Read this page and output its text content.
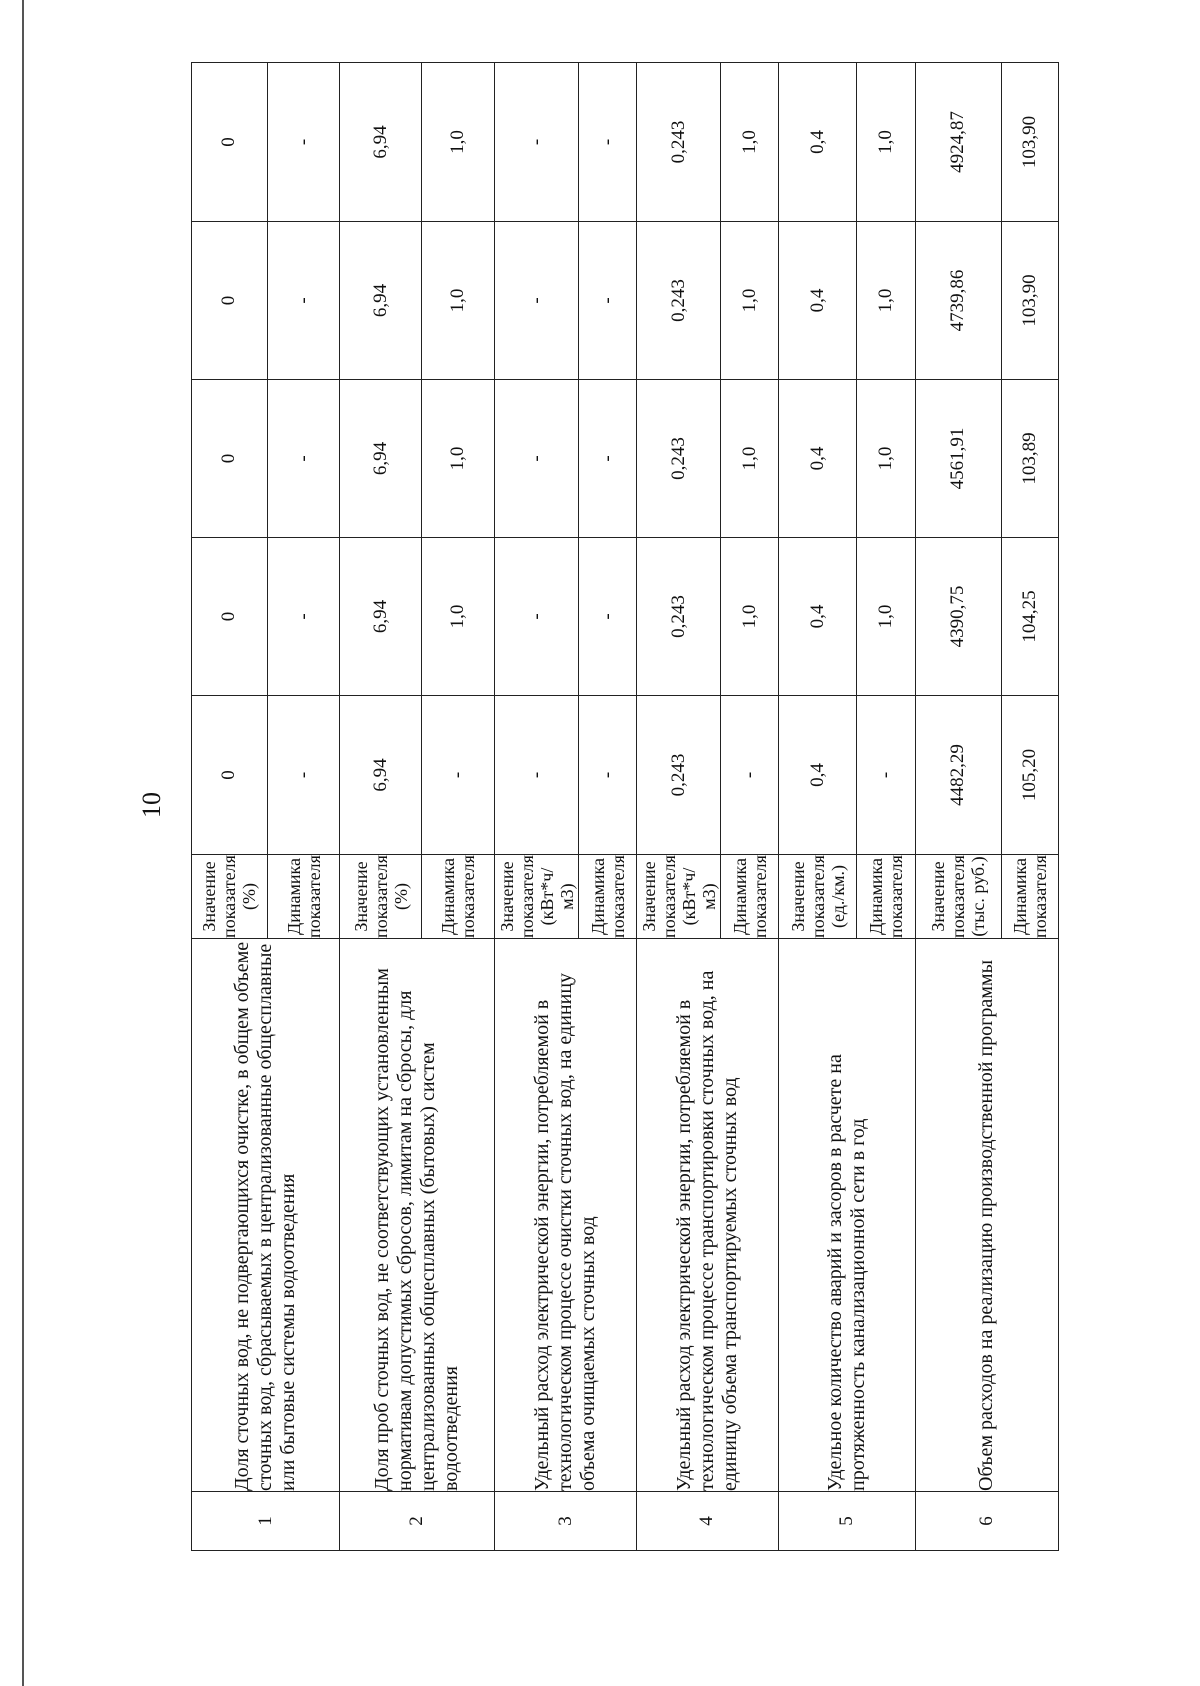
10
1	Доля сточных вод, не подвергающихся очистке, в общем объеме сточных вод, сбрасываемых в централизованные общесплавные или бытовые системы водоотведения	Значение показателя (%)	0	0	0	0	0
		Динамика показателя	-	-	-	-	-
2	Доля проб сточных вод, не соответствующих установленным нормативам допустимых сбросов, лимитам на сбросы, для централизованных общесплавных (бытовых) систем водоотведения	Значение показателя (%)	6,94	6,94	6,94	6,94	6,94
		Динамика показателя	-	1,0	1,0	1,0	1,0
3	Удельный расход электрической энергии, потребляемой в технологическом процессе очистки сточных вод, на единицу объема очищаемых сточных вод	Значение показателя (кВт*ч/м3)	-	-	-	-	-
		Динамика показателя	-	-	-	-	-
4	Удельный расход электрической энергии, потребляемой в технологическом процессе транспортировки сточных вод, на единицу объема транспортируемых сточных вод	Значение показателя (кВт*ч/м3)	0,243	0,243	0,243	0,243	0,243
		Динамика показателя	-	1,0	1,0	1,0	1,0
5	Удельное количество аварий и засоров в расчете на протяженность канализационной сети в год	Значение показателя (ед./км.)	0,4	0,4	0,4	0,4	0,4
		Динамика показателя	-	1,0	1,0	1,0	1,0
6	Объем расходов на реализацию производственной программы	Значение показателя (тыс. руб.)	4482,29	4390,75	4561,91	4739,86	4924,87
		Динамика показателя	105,20	104,25	103,89	103,90	103,90
